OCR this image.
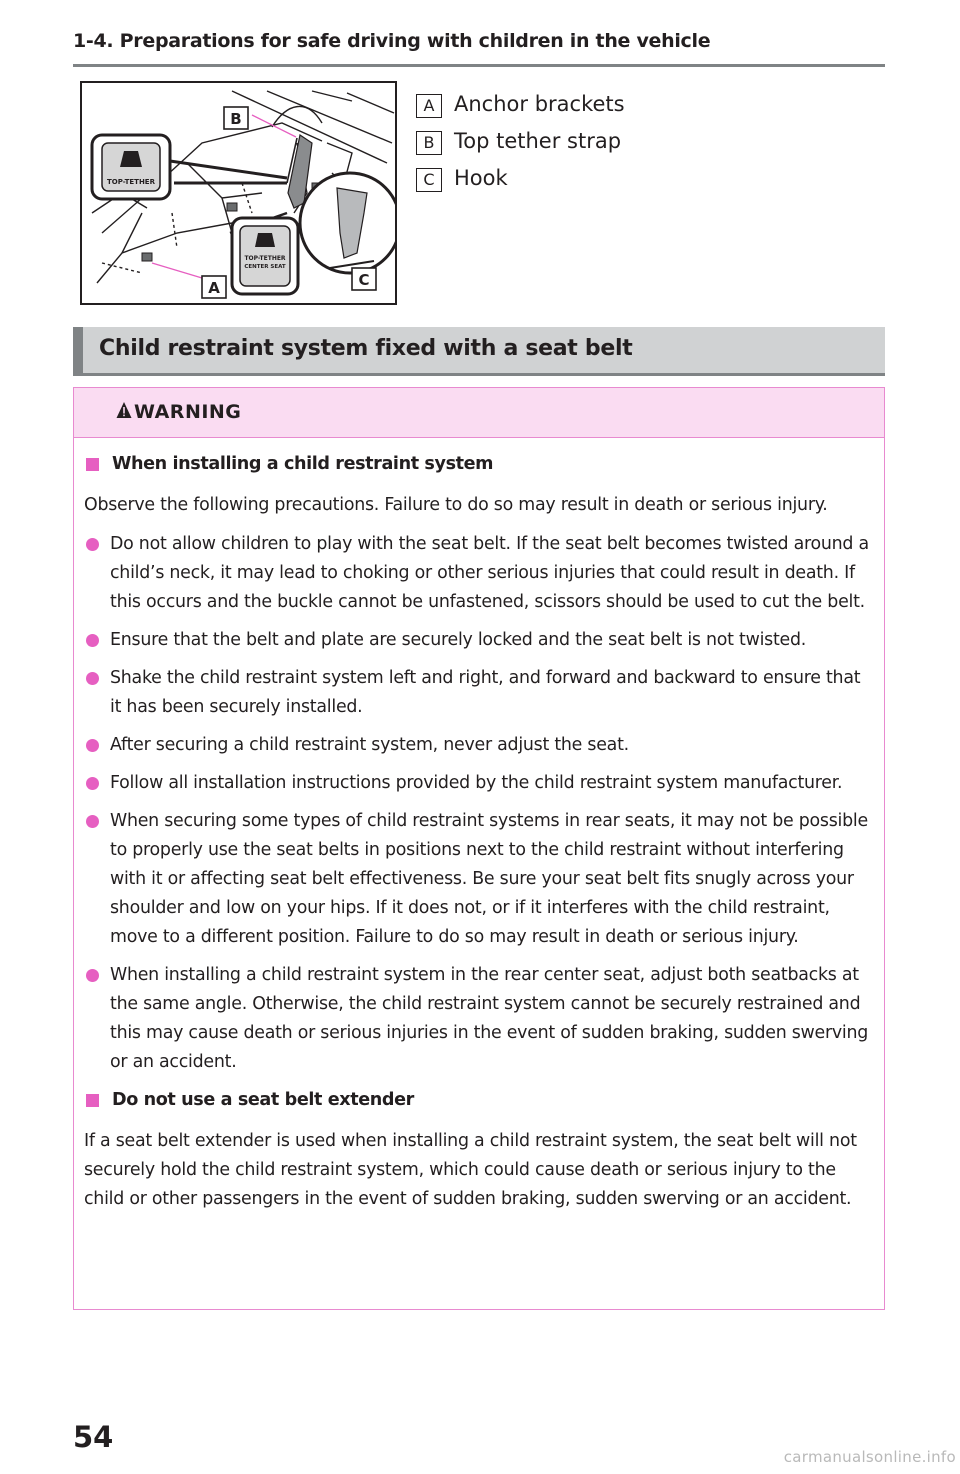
1-4. Preparations for safe driving with children in the vehicle
B
A	C
TOP-TETHER
TOP-TETHER
CENTER SEAT
A Anchor brackets
B Top tether strap
C Hook
Child restraint system fixed with a seat belt
WARNING
When installing a child restraint system
Observe the following precautions. Failure to do so may result in death or serious injury.
Do not allow children to play with the seat belt. If the seat belt becomes twisted around a child’s neck, it may lead to choking or other serious injuries that could result in death. If this occurs and the buckle cannot be unfastened, scissors should be used to cut the belt.
Ensure that the belt and plate are securely locked and the seat belt is not twisted.
Shake the child restraint system left and right, and forward and backward to ensure that it has been securely installed.
After securing a child restraint system, never adjust the seat.
Follow all installation instructions provided by the child restraint system manufacturer.
When securing some types of child restraint systems in rear seats, it may not be possible to properly use the seat belts in positions next to the child restraint without interfering with it or affecting seat belt effectiveness. Be sure your seat belt fits snugly across your shoulder and low on your hips. If it does not, or if it interferes with the child restraint, move to a different position. Failure to do so may result in death or serious injury.
When installing a child restraint system in the rear center seat, adjust both seatbacks at the same angle. Otherwise, the child restraint system cannot be securely restrained and this may cause death or serious injuries in the event of sudden braking, sudden swerving or an accident.
Do not use a seat belt extender
If a seat belt extender is used when installing a child restraint system, the seat belt will not securely hold the child restraint system, which could cause death or serious injury to the child or other passengers in the event of sudden braking, sudden swerving or an accident.
54
carmanualsonline.info
